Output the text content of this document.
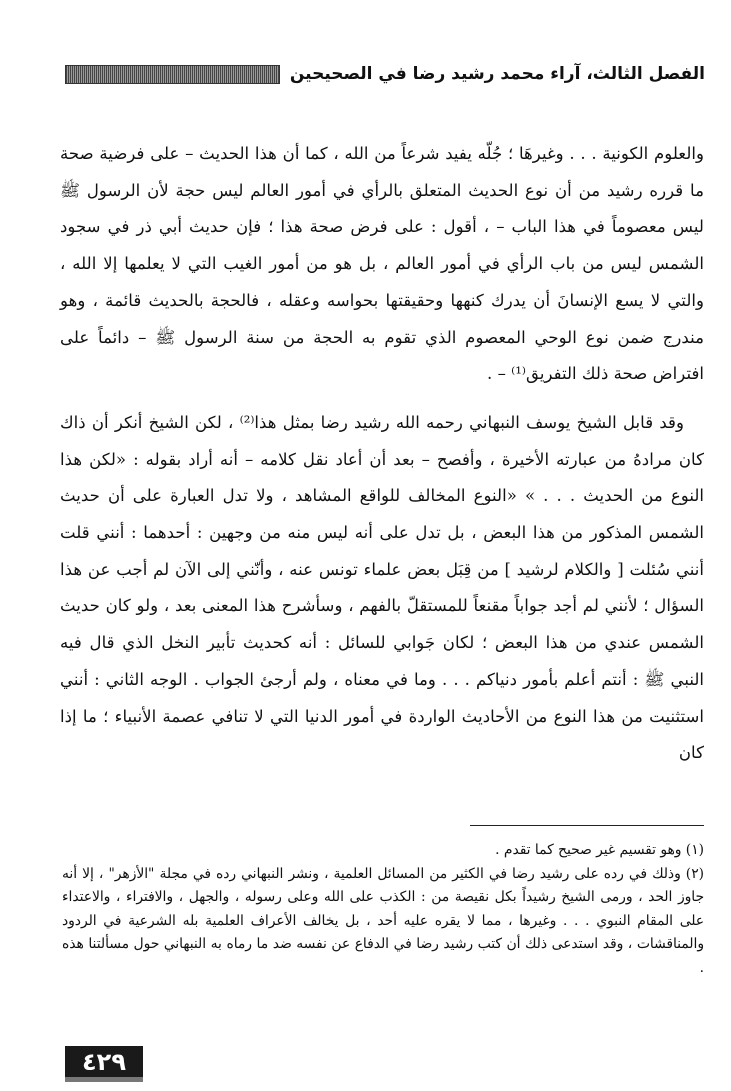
الفصل الثالث، آراء محمد رشيد رضا في الصحيحين

والعلوم الكونية . . . وغيرهَا ؛ جُلّه يفيد شرعاً من الله ، كما أن هذا الحديث – على فرضية صحة ما قرره رشيد من أن نوع الحديث المتعلق بالرأي في أمور العالم ليس حجة لأن الرسول ﷺ ليس معصوماً في هذا الباب – ، أقول : على فرض صحة هذا ؛ فإن حديث أبي ذر في سجود الشمس ليس من باب الرأي في أمور العالم ، بل هو من أمور الغيب التي لا يعلمها إلا الله ، والتي لا يسع الإنسانَ أن يدرك كنهها وحقيقتها بحواسه وعقله ، فالحجة بالحديث قائمة ، وهو مندرج ضمن نوع الوحي المعصوم الذي تقوم به الحجة من سنة الرسول ﷺ – دائماً على افتراض صحة ذلك التفريق⁽¹⁾ – .

وقد قابل الشيخ يوسف النبهاني رحمه الله رشيد رضا بمثل هذا⁽²⁾ ، لكن الشيخ أنكر أن ذاك كان مرادهُ من عبارته الأخيرة ، وأفصح – بعد أن أعاد نقل كلامه – أنه أراد بقوله : «لكن هذا النوع من الحديث . . . » «النوع المخالف للواقع المشاهد ، ولا تدل العبارة على أن حديث الشمس المذكور من هذا البعض ، بل تدل على أنه ليس منه من وجهين : أحدهما : أنني قلت أنني سُئلت [ والكلام لرشيد ] من قِبَل بعض علماء تونس عنه ، وأنّني إلى الآن لم أجب عن هذا السؤال ؛ لأنني لم أجد جواباً مقنعاً للمستقلّ بالفهم ، وسأشرح هذا المعنى بعد ، ولو كان حديث الشمس عندي من هذا البعض ؛ لكان جَوابي للسائل : أنه كحديث تأبير النخل الذي قال فيه النبي ﷺ : أنتم أعلم بأمور دنياكم . . . وما في معناه ، ولم أرجئ الجواب . الوجه الثاني : أنني استثنيت من هذا النوع من الأحاديث الواردة في أمور الدنيا التي لا تنافي عصمة الأنبياء ؛ ما إذا كان

(١) وهو تقسيم غير صحيح كما تقدم .

(٢) وذلك في رده على رشيد رضا في الكثير من المسائل العلمية ، ونشر النبهاني رده في مجلة "الأزهر" ، إلا أنه جاوز الحد ، ورمى الشيخ رشيداً بكل نقيصة من : الكذب على الله وعلى رسوله ، والجهل ، والافتراء ، والاعتداء على المقام النبوي . . . وغيرها ، مما لا يقره عليه أحد ، بل يخالف الأعراف العلمية بله الشرعية في الردود والمناقشات ، وقد استدعى ذلك أن كتب رشيد رضا في الدفاع عن نفسه ضد ما رماه به النبهاني حول مسألتنا هذه .

٤٢٩
